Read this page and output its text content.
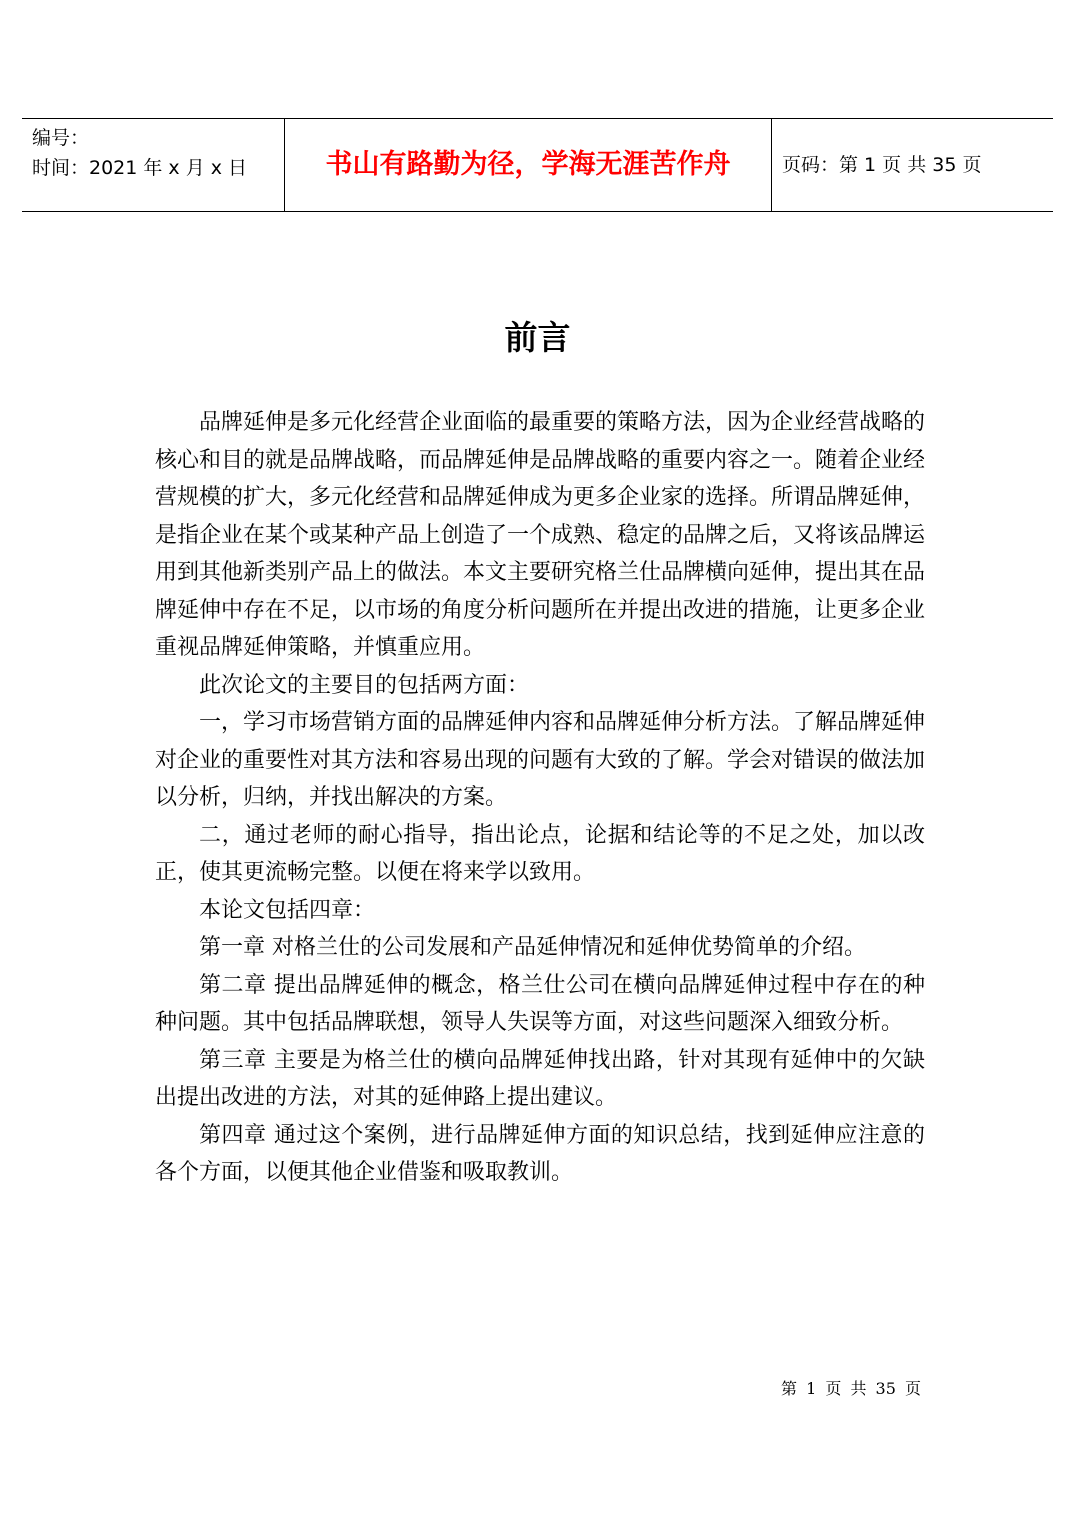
编号：
时间：2021 年 x 月 x 日	书山有路勤为径，学海无涯苦作舟	页码：第 1 页 共 35 页
前言

品牌延伸是多元化经营企业面临的最重要的策略方法，因为企业经营战略的核心和目的就是品牌战略，而品牌延伸是品牌战略的重要内容之一。随着企业经营规模的扩大，多元化经营和品牌延伸成为更多企业家的选择。所谓品牌延伸，是指企业在某个或某种产品上创造了一个成熟、稳定的品牌之后，又将该品牌运用到其他新类别产品上的做法。本文主要研究格兰仕品牌横向延伸，提出其在品牌延伸中存在不足，以市场的角度分析问题所在并提出改进的措施，让更多企业重视品牌延伸策略，并慎重应用。

此次论文的主要目的包括两方面：

一，学习市场营销方面的品牌延伸内容和品牌延伸分析方法。了解品牌延伸对企业的重要性对其方法和容易出现的问题有大致的了解。学会对错误的做法加以分析，归纳，并找出解决的方案。

二，通过老师的耐心指导，指出论点，论据和结论等的不足之处，加以改正，使其更流畅完整。以便在将来学以致用。

本论文包括四章：

第一章 对格兰仕的公司发展和产品延伸情况和延伸优势简单的介绍。

第二章 提出品牌延伸的概念，格兰仕公司在横向品牌延伸过程中存在的种种问题。其中包括品牌联想，领导人失误等方面，对这些问题深入细致分析。

第三章 主要是为格兰仕的横向品牌延伸找出路，针对其现有延伸中的欠缺出提出改进的方法，对其的延伸路上提出建议。

第四章 通过这个案例，进行品牌延伸方面的知识总结，找到延伸应注意的各个方面，以便其他企业借鉴和吸取教训。

第 1 页 共 35 页
